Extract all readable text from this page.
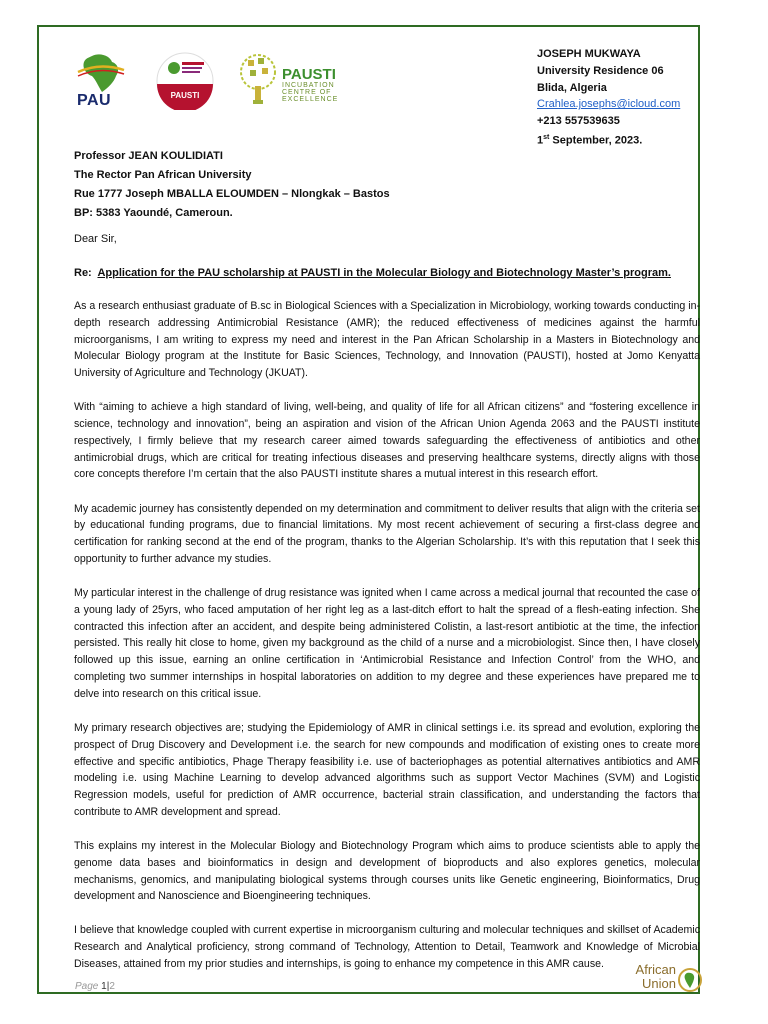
PAU	PAUSTI
PAUSTI
INCUBATION
CENTRE OF
EXCELLENCE
JOSEPH MUKWAYA
University Residence 06
Blida, Algeria
Crahlea.josephs@icloud.com
+213 557539635
1st September, 2023.
Professor JEAN KOULIDIATI
The Rector Pan African University
Rue 1777 Joseph MBALLA ELOUMDEN – Nlongkak – Bastos
BP: 5383 Yaoundé, Cameroun.
Dear Sir,
Re: Application for the PAU scholarship at PAUSTI in the Molecular Biology and Biotechnology Master’s program.

As a research enthusiast graduate of B.sc in Biological Sciences with a Specialization in Microbiology, working towards conducting in-depth research addressing Antimicrobial Resistance (AMR); the reduced effectiveness of medicines against the harmful microorganisms, I am writing to express my need and interest in the Pan African Scholarship in a Masters in Biotechnology and Molecular Biology program at the Institute for Basic Sciences, Technology, and Innovation (PAUSTI), hosted at Jomo Kenyatta University of Agriculture and Technology (JKUAT).

With “aiming to achieve a high standard of living, well-being, and quality of life for all African citizens” and “fostering excellence in science, technology and innovation”, being an aspiration and vision of the African Union Agenda 2063 and the PAUSTI institute respectively, I firmly believe that my research career aimed towards safeguarding the effectiveness of antibiotics and other antimicrobial drugs, which are critical for treating infectious diseases and preserving healthcare systems, directly aligns with those core concepts therefore I’m certain that the also PAUSTI institute shares a mutual interest in this research effort.

My academic journey has consistently depended on my determination and commitment to deliver results that align with the criteria set by educational funding programs, due to financial limitations. My most recent achievement of securing a first-class degree and certification for ranking second at the end of the program, thanks to the Algerian Scholarship. It’s with this reputation that I seek this opportunity to further advance my studies.

My particular interest in the challenge of drug resistance was ignited when I came across a medical journal that recounted the case of a young lady of 25yrs, who faced amputation of her right leg as a last-ditch effort to halt the spread of a flesh-eating infection. She contracted this infection after an accident, and despite being administered Colistin, a last-resort antibiotic at the time, the infection persisted. This really hit close to home, given my background as the child of a nurse and a microbiologist. Since then, I have closely followed up this issue, earning an online certification in ‘Antimicrobial Resistance and Infection Control’ from the WHO, and completing two summer internships in hospital laboratories on addition to my degree and these experiences have prepared me to delve into research on this critical issue.

My primary research objectives are; studying the Epidemiology of AMR in clinical settings i.e. its spread and evolution, exploring the prospect of Drug Discovery and Development i.e. the search for new compounds and modification of existing ones to create more effective and specific antibiotics, Phage Therapy feasibility i.e. use of bacteriophages as potential alternatives antibiotics and AMR modeling i.e. using Machine Learning to develop advanced algorithms such as support Vector Machines (SVM) and Logistic Regression models, useful for prediction of AMR occurrence, bacterial strain classification, and understanding the factors that contribute to AMR development and spread.

This explains my interest in the Molecular Biology and Biotechnology Program which aims to produce scientists able to apply the genome data bases and bioinformatics in design and development of bioproducts and also explores genetics, molecular mechanisms, genomics, and manipulating biological systems through courses units like Genetic engineering, Bioinformatics, Drug development and Nanoscience and Bioengineering techniques.

I believe that knowledge coupled with current expertise in microorganism culturing and molecular techniques and skillset of Academic Research and Analytical proficiency, strong command of Technology, Attention to Detail, Teamwork and Knowledge of Microbial Diseases, attained from my prior studies and internships, is going to enhance my competence in this AMR cause.

Page 1|2
African
Union
